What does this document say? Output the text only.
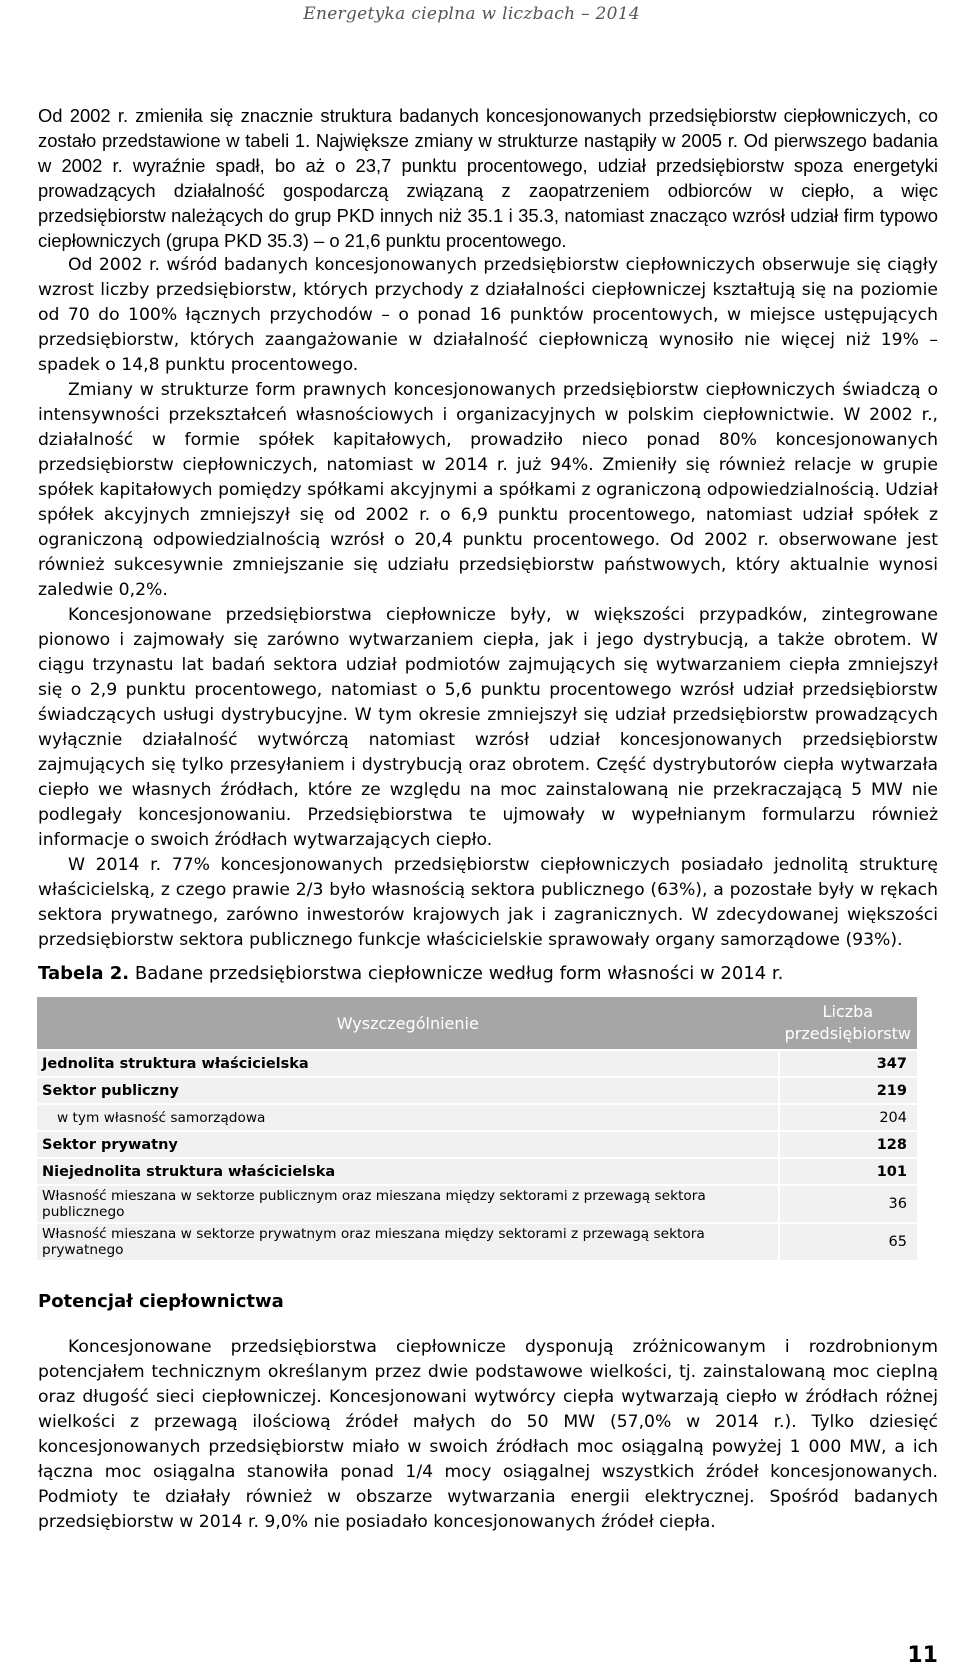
Energetyka cieplna w liczbach – 2014

Od 2002 r. zmieniła się znacznie struktura badanych koncesjonowanych przedsiębiorstw ciepłowniczych, co zostało przedstawione w tabeli 1. Największe zmiany w strukturze nastąpiły w 2005 r. Od pierwszego badania w 2002 r. wyraźnie spadł, bo aż o 23,7 punktu procentowego, udział przedsiębiorstw spoza energetyki prowadzących działalność gospodarczą związaną z zaopatrzeniem odbiorców w ciepło, a więc przedsiębiorstw należących do grup PKD innych niż 35.1 i 35.3, natomiast znacząco wzrósł udział firm typowo ciepłowniczych (grupa PKD 35.3) – o 21,6 punktu procentowego.

Od 2002 r. wśród badanych koncesjonowanych przedsiębiorstw ciepłowniczych obserwuje się ciągły wzrost liczby przedsiębiorstw, których przychody z działalności ciepłowniczej kształtują się na poziomie od 70 do 100% łącznych przychodów – o ponad 16 punktów procentowych, w miejsce ustępujących przedsiębiorstw, których zaangażowanie w działalność ciepłowniczą wynosiło nie więcej niż 19% – spadek o 14,8 punktu procentowego.

Zmiany w strukturze form prawnych koncesjonowanych przedsiębiorstw ciepłowniczych świadczą o intensywności przekształceń własnościowych i organizacyjnych w polskim ciepłownictwie. W 2002 r., działalność w formie spółek kapitałowych, prowadziło nieco ponad 80% koncesjonowanych przedsiębiorstw ciepłowniczych, natomiast w 2014 r. już 94%. Zmieniły się również relacje w grupie spółek kapitałowych pomiędzy spółkami akcyjnymi a spółkami z ograniczoną odpowiedzialnością. Udział spółek akcyjnych zmniejszył się od 2002 r. o 6,9 punktu procentowego, natomiast udział spółek z ograniczoną odpowiedzialnością wzrósł o 20,4 punktu procentowego. Od 2002 r. obserwowane jest również sukcesywnie zmniejszanie się udziału przedsiębiorstw państwowych, który aktualnie wynosi zaledwie 0,2%.

Koncesjonowane przedsiębiorstwa ciepłownicze były, w większości przypadków, zintegrowane pionowo i zajmowały się zarówno wytwarzaniem ciepła, jak i jego dystrybucją, a także obrotem. W ciągu trzynastu lat badań sektora udział podmiotów zajmujących się wytwarzaniem ciepła zmniejszył się o 2,9 punktu procentowego, natomiast o 5,6 punktu procentowego wzrósł udział przedsiębiorstw świadczących usługi dystrybucyjne. W tym okresie zmniejszył się udział przedsiębiorstw prowadzących wyłącznie działalność wytwórczą natomiast wzrósł udział koncesjonowanych przedsiębiorstw zajmujących się tylko przesyłaniem i dystrybucją oraz obrotem. Część dystrybutorów ciepła wytwarzała ciepło we własnych źródłach, które ze względu na moc zainstalowaną nie przekraczającą 5 MW nie podlegały koncesjonowaniu. Przedsiębiorstwa te ujmowały w wypełnianym formularzu również informacje o swoich źródłach wytwarzających ciepło.

W 2014 r. 77% koncesjonowanych przedsiębiorstw ciepłowniczych posiadało jednolitą strukturę właścicielską, z czego prawie 2/3 było własnością sektora publicznego (63%), a pozostałe były w rękach sektora prywatnego, zarówno inwestorów krajowych jak i zagranicznych. W zdecydowanej większości przedsiębiorstw sektora publicznego funkcje właścicielskie sprawowały organy samorządowe (93%).

Tabela 2. Badane przedsiębiorstwa ciepłownicze według form własności w 2014 r.
Wyszczególnienie	Liczba przedsiębiorstw
Jednolita struktura właścicielska	347
Sektor publiczny	219
w tym własność samorządowa	204
Sektor prywatny	128
Niejednolita struktura właścicielska	101
Własność mieszana w sektorze publicznym oraz mieszana między sektorami z przewagą sektora publicznego	36
Własność mieszana w sektorze prywatnym oraz mieszana między sektorami z przewagą sektora prywatnego	65
Potencjał ciepłownictwa

Koncesjonowane przedsiębiorstwa ciepłownicze dysponują zróżnicowanym i rozdrobnionym potencjałem technicznym określanym przez dwie podstawowe wielkości, tj. zainstalowaną moc cieplną oraz długość sieci ciepłowniczej. Koncesjonowani wytwórcy ciepła wytwarzają ciepło w źródłach różnej wielkości z przewagą ilościową źródeł małych do 50 MW (57,0% w 2014 r.). Tylko dziesięć koncesjonowanych przedsiębiorstw miało w swoich źródłach moc osiągalną powyżej 1 000 MW, a ich łączna moc osiągalna stanowiła ponad 1/4 mocy osiągalnej wszystkich źródeł koncesjonowanych. Podmioty te działały również w obszarze wytwarzania energii elektrycznej. Spośród badanych przedsiębiorstw w 2014 r. 9,0% nie posiadało koncesjonowanych źródeł ciepła.

11
